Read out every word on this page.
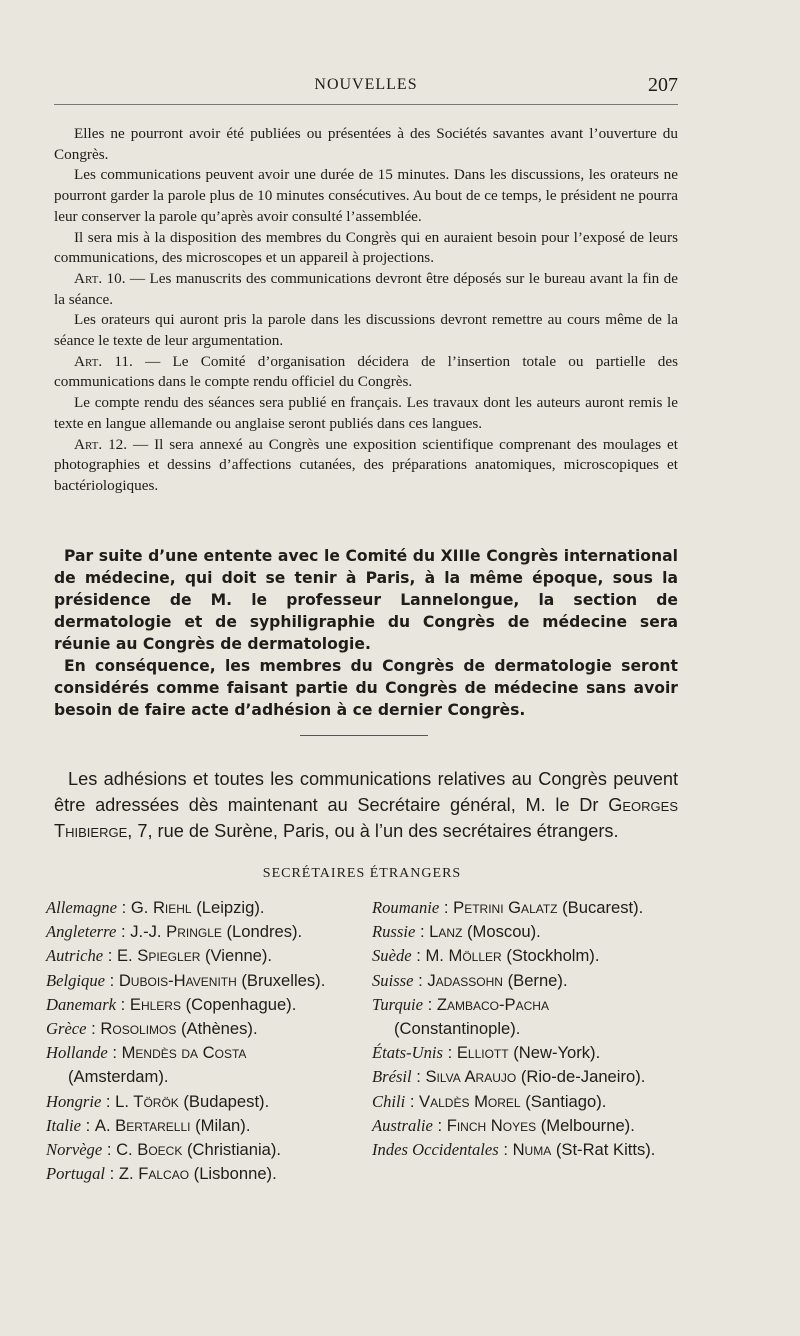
NOUVELLES	207

Elles ne pourront avoir été publiées ou présentées à des Sociétés savantes avant l’ouverture du Congrès.

Les communications peuvent avoir une durée de 15 minutes. Dans les discussions, les orateurs ne pourront garder la parole plus de 10 minutes consécutives. Au bout de ce temps, le président ne pourra leur conserver la parole qu’après avoir consulté l’assemblée.

Il sera mis à la disposition des membres du Congrès qui en auraient besoin pour l’exposé de leurs communications, des microscopes et un appareil à projections.

Art. 10. — Les manuscrits des communications devront être déposés sur le bureau avant la fin de la séance.

Les orateurs qui auront pris la parole dans les discussions devront remettre au cours même de la séance le texte de leur argumentation.

Art. 11. — Le Comité d’organisation décidera de l’insertion totale ou partielle des communications dans le compte rendu officiel du Congrès.

Le compte rendu des séances sera publié en français. Les travaux dont les auteurs auront remis le texte en langue allemande ou anglaise seront publiés dans ces langues.

Art. 12. — Il sera annexé au Congrès une exposition scientifique comprenant des moulages et photographies et dessins d’affections cutanées, des préparations anatomiques, microscopiques et bactériologiques.

Par suite d’une entente avec le Comité du XIIIe Congrès international de médecine, qui doit se tenir à Paris, à la même époque, sous la présidence de M. le professeur Lannelongue, la section de dermatologie et de syphiligraphie du Congrès de médecine sera réunie au Congrès de dermatologie.

En conséquence, les membres du Congrès de dermatologie seront considérés comme faisant partie du Congrès de médecine sans avoir besoin de faire acte d’adhésion à ce dernier Congrès.

Les adhésions et toutes les communications relatives au Congrès peuvent être adressées dès maintenant au Secrétaire général, M. le Dr Georges Thibierge, 7, rue de Surène, Paris, ou à l’un des secrétaires étrangers.

SECRÉTAIRES ÉTRANGERS
Allemagne : G. Riehl (Leipzig).
Angleterre : J.-J. Pringle (Londres).
Autriche : E. Spiegler (Vienne).
Belgique : Dubois-Havenith (Bruxelles).
Danemark : Ehlers (Copenhague).
Grèce : Rosolimos (Athènes).
Hollande : Mendès da Costa (Amsterdam).
Hongrie : L. Török (Budapest).
Italie : A. Bertarelli (Milan).
Norvège : C. Boeck (Christiania).
Portugal : Z. Falcao (Lisbonne).
Roumanie : Petrini Galatz (Bucarest).
Russie : Lanz (Moscou).
Suède : M. Möller (Stockholm).
Suisse : Jadassohn (Berne).
Turquie : Zambaco-Pacha (Constantinople).
États-Unis : Elliott (New-York).
Brésil : Silva Araujo (Rio-de-Janeiro).
Chili : Valdès Morel (Santiago).
Australie : Finch Noyes (Melbourne).
Indes Occidentales : Numa (St-Rat Kitts).
